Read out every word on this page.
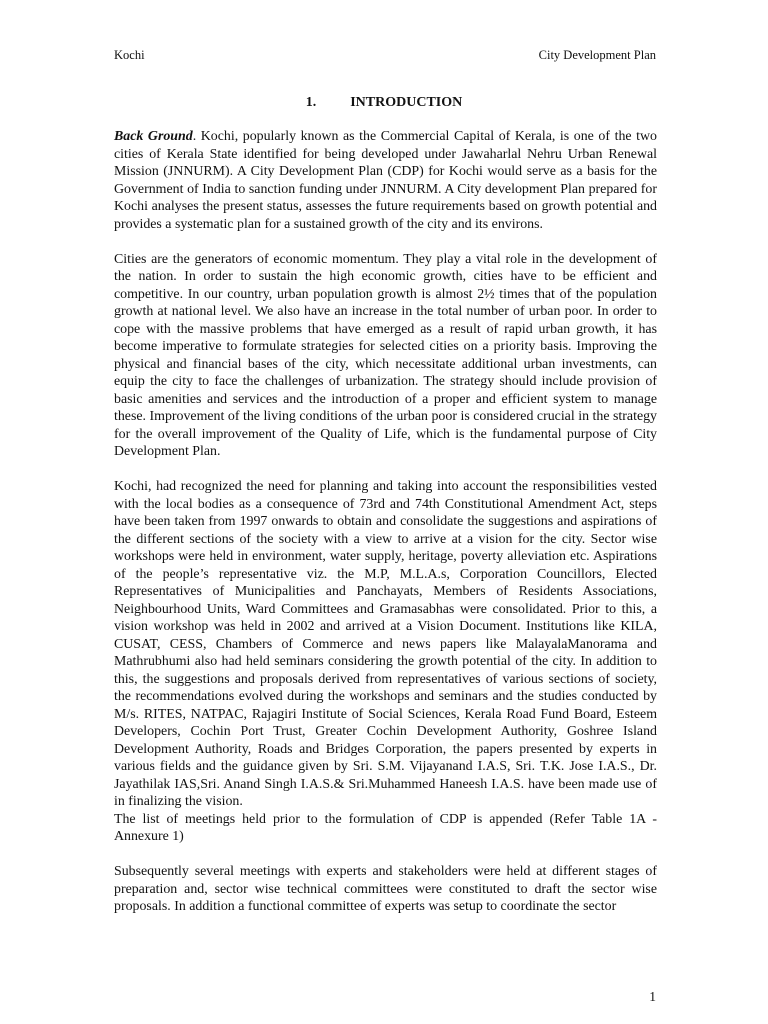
Kochi	City Development Plan
1. INTRODUCTION

Back Ground. Kochi, popularly known as the Commercial Capital of Kerala, is one of the two cities of Kerala State identified for being developed under Jawaharlal Nehru Urban Renewal Mission (JNNURM). A City Development Plan (CDP) for Kochi would serve as a basis for the Government of India to sanction funding under JNNURM. A City development Plan prepared for Kochi analyses the present status, assesses the future requirements based on growth potential and provides a systematic plan for a sustained growth of the city and its environs.

Cities are the generators of economic momentum. They play a vital role in the development of the nation. In order to sustain the high economic growth, cities have to be efficient and competitive. In our country, urban population growth is almost 2½ times that of the population growth at national level. We also have an increase in the total number of urban poor. In order to cope with the massive problems that have emerged as a result of rapid urban growth, it has become imperative to formulate strategies for selected cities on a priority basis. Improving the physical and financial bases of the city, which necessitate additional urban investments, can equip the city to face the challenges of urbanization. The strategy should include provision of basic amenities and services and the introduction of a proper and efficient system to manage these. Improvement of the living conditions of the urban poor is considered crucial in the strategy for the overall improvement of the Quality of Life, which is the fundamental purpose of City Development Plan.

Kochi, had recognized the need for planning and taking into account the responsibilities vested with the local bodies as a consequence of 73rd and 74th Constitutional Amendment Act, steps have been taken from 1997 onwards to obtain and consolidate the suggestions and aspirations of the different sections of the society with a view to arrive at a vision for the city. Sector wise workshops were held in environment, water supply, heritage, poverty alleviation etc. Aspirations of the people’s representative viz. the M.P, M.L.A.s, Corporation Councillors, Elected Representatives of Municipalities and Panchayats, Members of Residents Associations, Neighbourhood Units, Ward Committees and Gramasabhas were consolidated. Prior to this, a vision workshop was held in 2002 and arrived at a Vision Document. Institutions like KILA, CUSAT, CESS, Chambers of Commerce and news papers like MalayalaManorama and Mathrubhumi also had held seminars considering the growth potential of the city. In addition to this, the suggestions and proposals derived from representatives of various sections of society, the recommendations evolved during the workshops and seminars and the studies conducted by M/s. RITES, NATPAC, Rajagiri Institute of Social Sciences, Kerala Road Fund Board, Esteem Developers, Cochin Port Trust, Greater Cochin Development Authority, Goshree Island Development Authority, Roads and Bridges Corporation, the papers presented by experts in various fields and the guidance given by Sri. S.M. Vijayanand I.A.S, Sri. T.K. Jose I.A.S., Dr. Jayathilak IAS,Sri. Anand Singh I.A.S.& Sri.Muhammed Haneesh I.A.S. have been made use of in finalizing the vision.

The list of meetings held prior to the formulation of CDP is appended (Refer Table 1A - Annexure 1)

Subsequently several meetings with experts and stakeholders were held at different stages of preparation and, sector wise technical committees were constituted to draft the sector wise proposals. In addition a functional committee of experts was setup to coordinate the sector

1
